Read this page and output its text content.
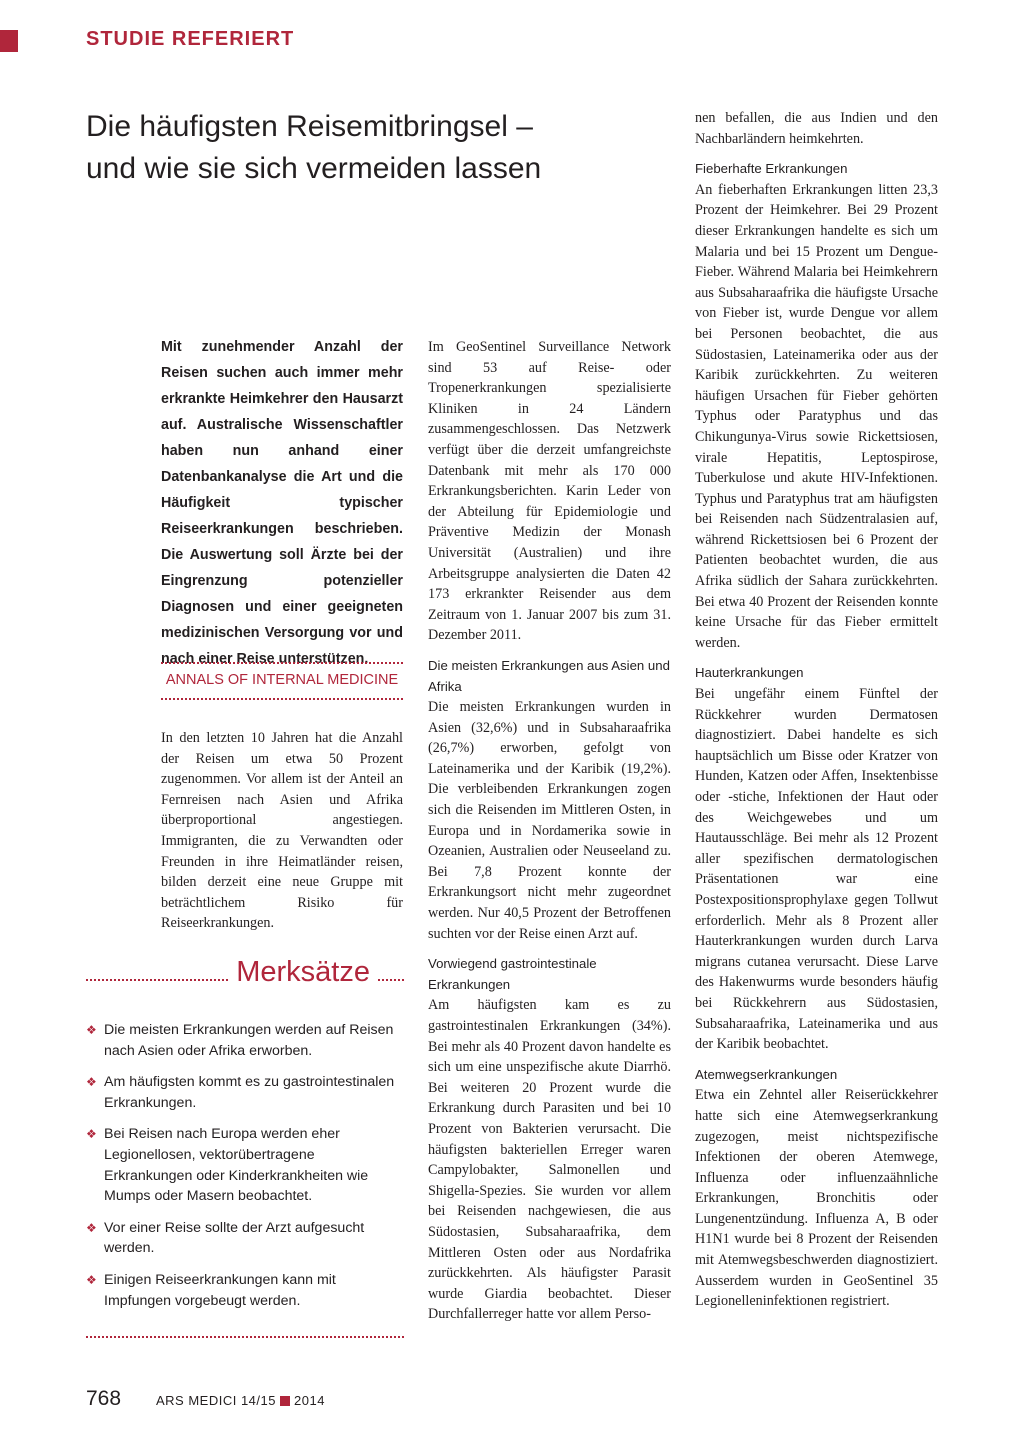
STUDIE REFERIERT
Die häufigsten Reisemitbringsel –
und wie sie sich vermeiden lassen
Mit zunehmender Anzahl der Reisen suchen auch immer mehr erkrankte Heimkehrer den Hausarzt auf. Australische Wissenschaftler haben nun anhand einer Datenbankanalyse die Art und die Häufigkeit typischer Reiseerkrankungen beschrieben. Die Auswertung soll Ärzte bei der Eingrenzung potenzieller Diagnosen und einer geeigneten medizinischen Versorgung vor und nach einer Reise unterstützen.
ANNALS OF INTERNAL MEDICINE
In den letzten 10 Jahren hat die Anzahl der Reisen um etwa 50 Prozent zugenommen. Vor allem ist der Anteil an Fernreisen nach Asien und Afrika überproportional angestiegen. Immigranten, die zu Verwandten oder Freunden in ihre Heimatländer reisen, bilden derzeit eine neue Gruppe mit beträchtlichem Risiko für Reiseerkrankungen.
Merksätze
❖ Die meisten Erkrankungen werden auf Reisen nach Asien oder Afrika erworben.
❖ Am häufigsten kommt es zu gastrointestinalen Erkrankungen.
❖ Bei Reisen nach Europa werden eher Legionellosen, vektorübertragene Erkrankungen oder Kinderkrankheiten wie Mumps oder Masern beobachtet.
❖ Vor einer Reise sollte der Arzt aufgesucht werden.
❖ Einigen Reiseerkrankungen kann mit Impfungen vorgebeugt werden.

Im GeoSentinel Surveillance Network sind 53 auf Reise- oder Tropenerkrankungen spezialisierte Kliniken in 24 Ländern zusammengeschlossen. Das Netzwerk verfügt über die derzeit umfangreichste Datenbank mit mehr als 170 000 Erkrankungsberichten. Karin Leder von der Abteilung für Epidemiologie und Präventive Medizin der Monash Universität (Australien) und ihre Arbeitsgruppe analysierten die Daten 42 173 erkrankter Reisender aus dem Zeitraum von 1. Januar 2007 bis zum 31. Dezember 2011.

Die meisten Erkrankungen aus Asien und Afrika

Die meisten Erkrankungen wurden in Asien (32,6%) und in Subsaharaafrika (26,7%) erworben, gefolgt von Lateinamerika und der Karibik (19,2%). Die verbleibenden Erkrankungen zogen sich die Reisenden im Mittleren Osten, in Europa und in Nordamerika sowie in Ozeanien, Australien oder Neuseeland zu. Bei 7,8 Prozent konnte der Erkrankungsort nicht mehr zugeordnet werden. Nur 40,5 Prozent der Betroffenen suchten vor der Reise einen Arzt auf.

Vorwiegend gastrointestinale Erkrankungen

Am häufigsten kam es zu gastrointestinalen Erkrankungen (34%). Bei mehr als 40 Prozent davon handelte es sich um eine unspezifische akute Diarrhö. Bei weiteren 20 Prozent wurde die Erkrankung durch Parasiten und bei 10 Prozent von Bakterien verursacht. Die häufigsten bakteriellen Erreger waren Campylobakter, Salmonellen und Shigella-Spezies. Sie wurden vor allem bei Reisenden nachgewiesen, die aus Südostasien, Subsaharaafrika, dem Mittleren Osten oder aus Nordafrika zurückkehrten. Als häufigster Parasit wurde Giardia beobachtet. Dieser Durchfallerreger hatte vor allem Perso-

nen befallen, die aus Indien und den Nachbarländern heimkehrten.

Fieberhafte Erkrankungen

An fieberhaften Erkrankungen litten 23,3 Prozent der Heimkehrer. Bei 29 Prozent dieser Erkrankungen handelte es sich um Malaria und bei 15 Prozent um Dengue-Fieber. Während Malaria bei Heimkehrern aus Subsaharaafrika die häufigste Ursache von Fieber ist, wurde Dengue vor allem bei Personen beobachtet, die aus Südostasien, Lateinamerika oder aus der Karibik zurückkehrten. Zu weiteren häufigen Ursachen für Fieber gehörten Typhus oder Paratyphus und das Chikungunya-Virus sowie Rickettsiosen, virale Hepatitis, Leptospirose, Tuberkulose und akute HIV-Infektionen. Typhus und Paratyphus trat am häufigsten bei Reisenden nach Südzentralasien auf, während Rickettsiosen bei 6 Prozent der Patienten beobachtet wurden, die aus Afrika südlich der Sahara zurückkehrten. Bei etwa 40 Prozent der Reisenden konnte keine Ursache für das Fieber ermittelt werden.

Hauterkrankungen

Bei ungefähr einem Fünftel der Rückkehrer wurden Dermatosen diagnostiziert. Dabei handelte es sich hauptsächlich um Bisse oder Kratzer von Hunden, Katzen oder Affen, Insektenbisse oder -stiche, Infektionen der Haut oder des Weichgewebes und um Hautausschläge. Bei mehr als 12 Prozent aller spezifischen dermatologischen Präsentationen war eine Postexpositionsprophylaxe gegen Tollwut erforderlich. Mehr als 8 Prozent aller Hauterkrankungen wurden durch Larva migrans cutanea verursacht. Diese Larve des Hakenwurms wurde besonders häufig bei Rückkehrern aus Südostasien, Subsaharaafrika, Lateinamerika und aus der Karibik beobachtet.

Atemwegserkrankungen

Etwa ein Zehntel aller Reiserückkehrer hatte sich eine Atemwegserkrankung zugezogen, meist nichtspezifische Infektionen der oberen Atemwege, Influenza oder influenzaähnliche Erkrankungen, Bronchitis oder Lungenentzündung. Influenza A, B oder H1N1 wurde bei 8 Prozent der Reisenden mit Atemwegsbeschwerden diagnostiziert. Ausserdem wurden in GeoSentinel 35 Legionelleninfektionen registriert.

768	ARS MEDICI 14/15 2014
